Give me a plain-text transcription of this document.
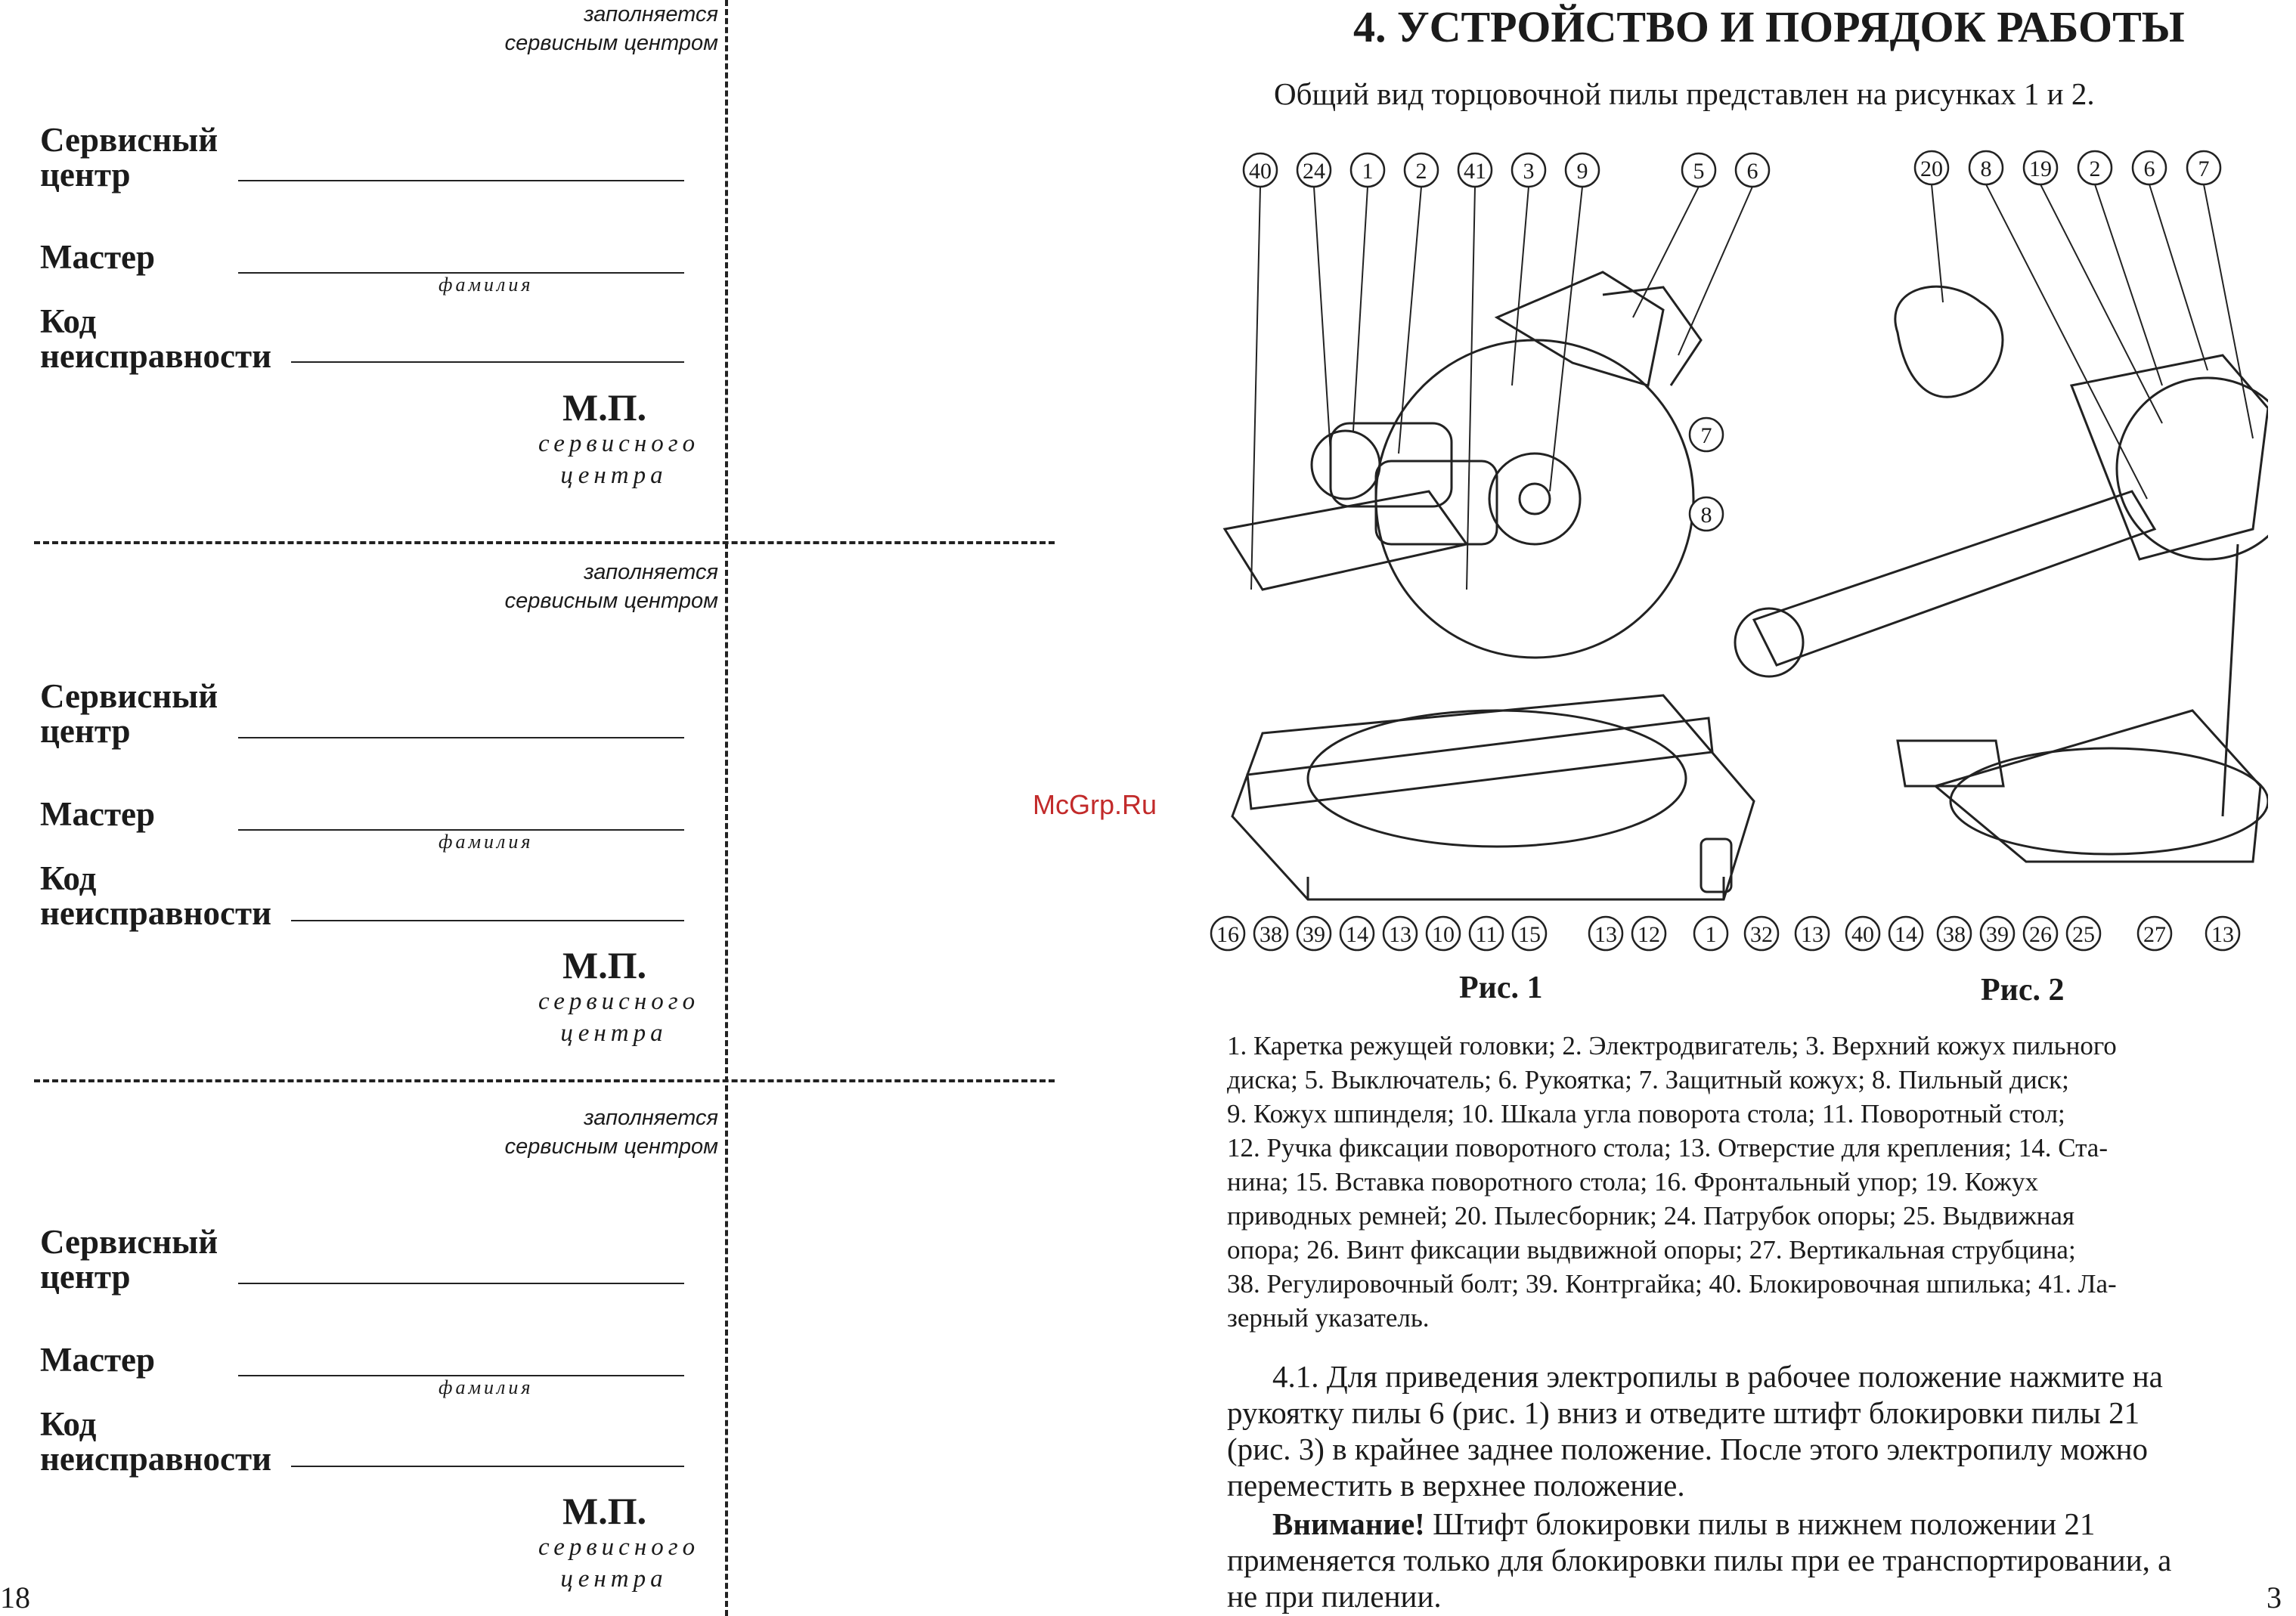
заполняется
сервисным центром
Сервисный
центр
Мастер
фамилия
Код
неисправности
М.П.
сервисного
центра
заполняется
сервисным центром
Сервисный
центр
Мастер
фамилия
Код
неисправности
М.П.
сервисного
центра
заполняется
сервисным центром
Сервисный
центр
Мастер
фамилия
Код
неисправности
М.П.
сервисного
центра
18
4. УСТРОЙСТВО И ПОРЯДОК РАБОТЫ
Общий вид торцовочной пилы представлен на рисунках 1 и 2.
40 24 1 2 41 3 9	5 6
7
8
16 38 39 14 13 10 11 15 13 12
20 8 19 2 6 7
1 32 13 40 14 38 39 26 25 27 13
McGrp.Ru
Рис. 1	Рис. 2
1. Каретка режущей головки; 2. Электродвигатель; 3. Верхний кожух пильного
диска; 5. Выключатель; 6. Рукоятка; 7. Защитный кожух; 8. Пильный диск;
9. Кожух шпинделя; 10. Шкала угла поворота стола; 11. Поворотный стол;
12. Ручка фиксации поворотного стола; 13. Отверстие для крепления; 14. Ста-
нина; 15. Вставка поворотного стола; 16. Фронтальный упор; 19. Кожух
приводных ремней; 20. Пылесборник; 24. Патрубок опоры; 25. Выдвижная
опора; 26. Винт фиксации выдвижной опоры; 27. Вертикальная струбцина;
38. Регулировочный болт; 39. Контргайка; 40. Блокировочная шпилька; 41. Ла-
зерный указатель.
4.1. Для приведения электропилы в рабочее положение нажмите на
рукоятку пилы 6 (рис. 1) вниз и отведите штифт блокировки пилы 21
(рис. 3) в крайнее заднее положение. После этого электропилу можно
переместить в верхнее положение.
Внимание! Штифт блокировки пилы в нижнем положении 21
применяется только для блокировки пилы при ее транспортировании, а
не при пилении.	3
